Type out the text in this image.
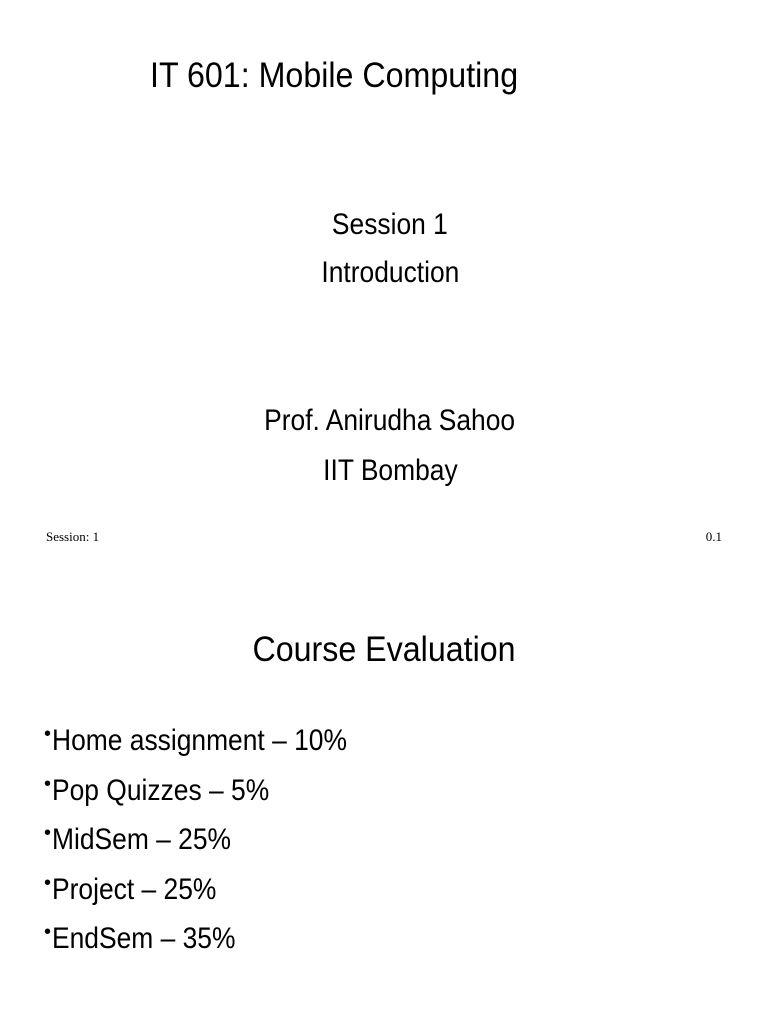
IT 601: Mobile Computing
Session 1
Introduction
Prof. Anirudha Sahoo
IIT Bombay
Session: 1	0.1
Course Evaluation
•Home assignment – 10%
•Pop Quizzes – 5%
•MidSem – 25%
•Project – 25%
•EndSem – 35%
